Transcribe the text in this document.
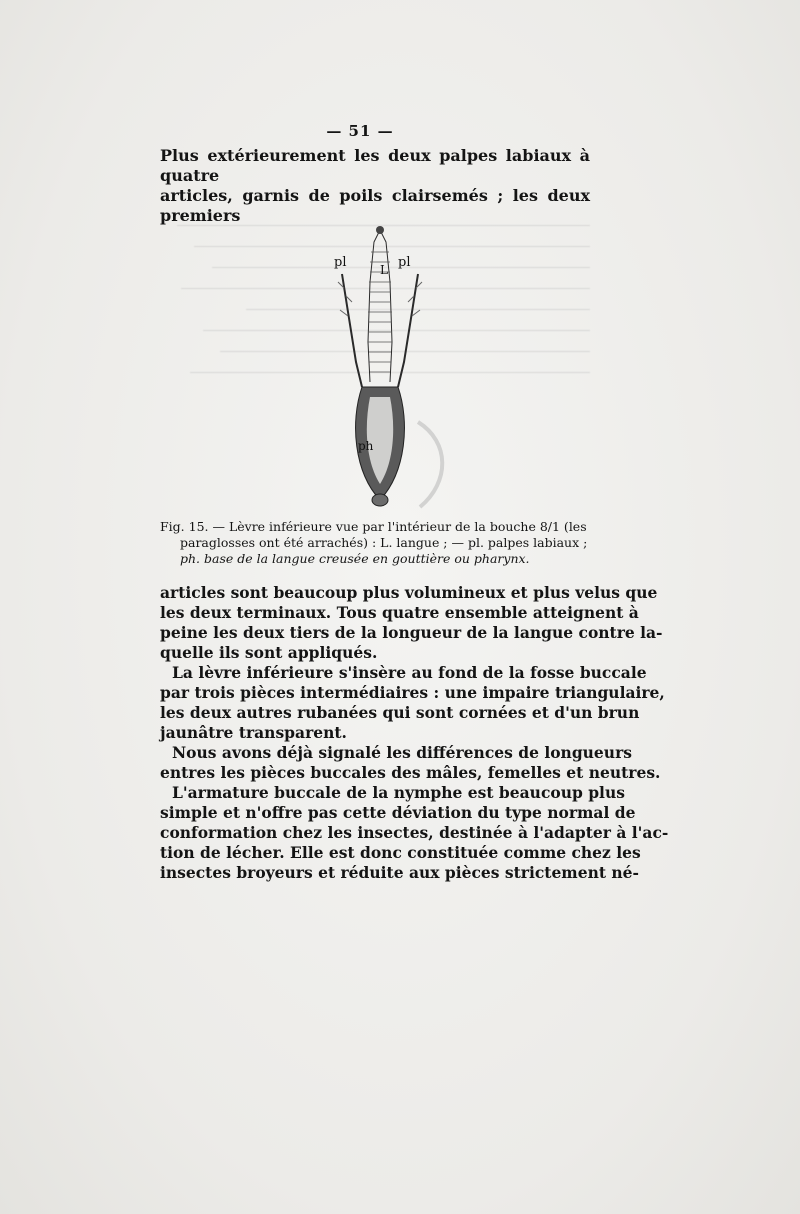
— 51 —

Plus extérieurement les deux palpes labiaux à quatre

articles, garnis de poils clairsemés ; les deux premiers

pl	L pl
ph

Fig. 15. — Lèvre inférieure vue par l'intérieur de la bouche 8/1 (les

paraglosses ont été arrachés) : L. langue ; — pl. palpes labiaux ;

ph. base de la langue creusée en gouttière ou pharynx.

articles sont beaucoup plus volumineux et plus velus que

les deux terminaux. Tous quatre ensemble atteignent à

peine les deux tiers de la longueur de la langue contre la-

quelle ils sont appliqués.

La lèvre inférieure s'insère au fond de la fosse buccale

par trois pièces intermédiaires : une impaire triangulaire,

les deux autres rubanées qui sont cornées et d'un brun

jaunâtre transparent.

Nous avons déjà signalé les différences de longueurs

entres les pièces buccales des mâles, femelles et neutres.

L'armature buccale de la nymphe est beaucoup plus

simple et n'offre pas cette déviation du type normal de

conformation chez les insectes, destinée à l'adapter à l'ac-

tion de lécher. Elle est donc constituée comme chez les

insectes broyeurs et réduite aux pièces strictement né-
